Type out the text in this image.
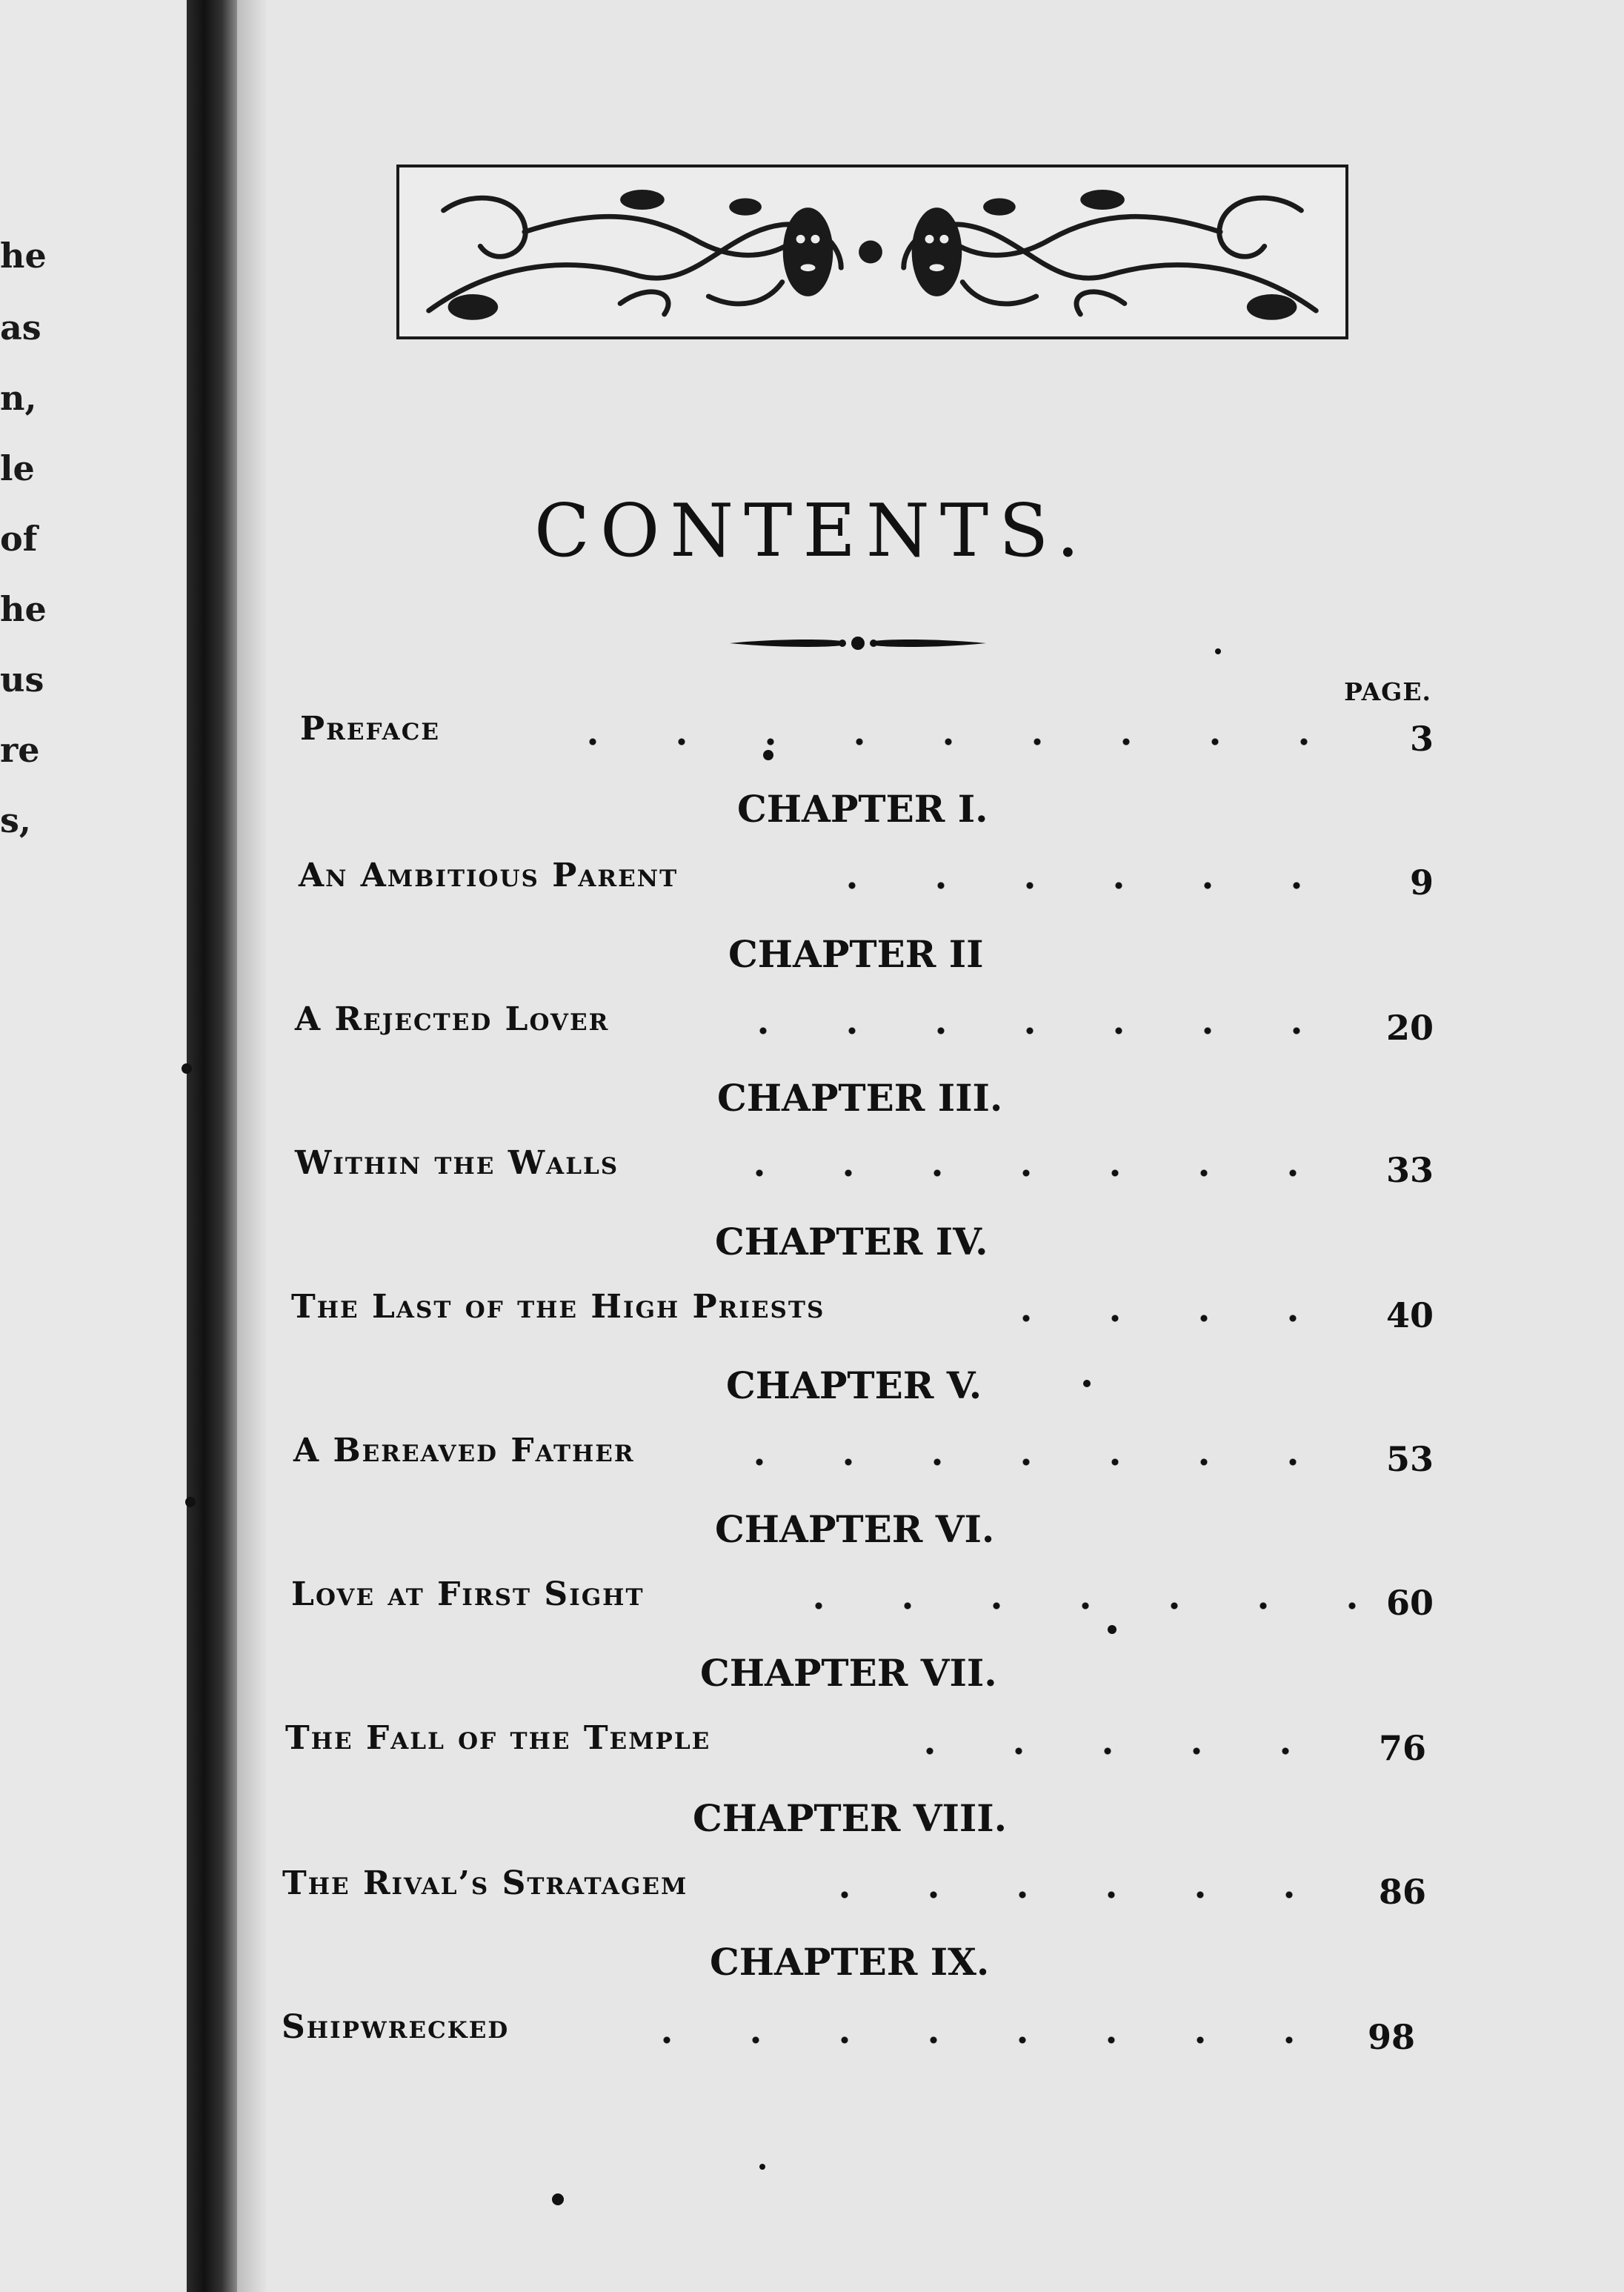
he
as
n,
le
of
he
us
re
s,
CONTENTS.
PAGE.
Preface	3
CHAPTER I.
An Ambitious Parent	9
CHAPTER II
A Rejected Lover	20
CHAPTER III.
Within the Walls	33
CHAPTER IV.
The Last of the High Priests	40
CHAPTER V.
A Bereaved Father	53
CHAPTER VI.
Love at First Sight	60
CHAPTER VII.
The Fall of the Temple	76
CHAPTER VIII.
The Rival’s Stratagem	86
CHAPTER IX.
Shipwrecked	98
